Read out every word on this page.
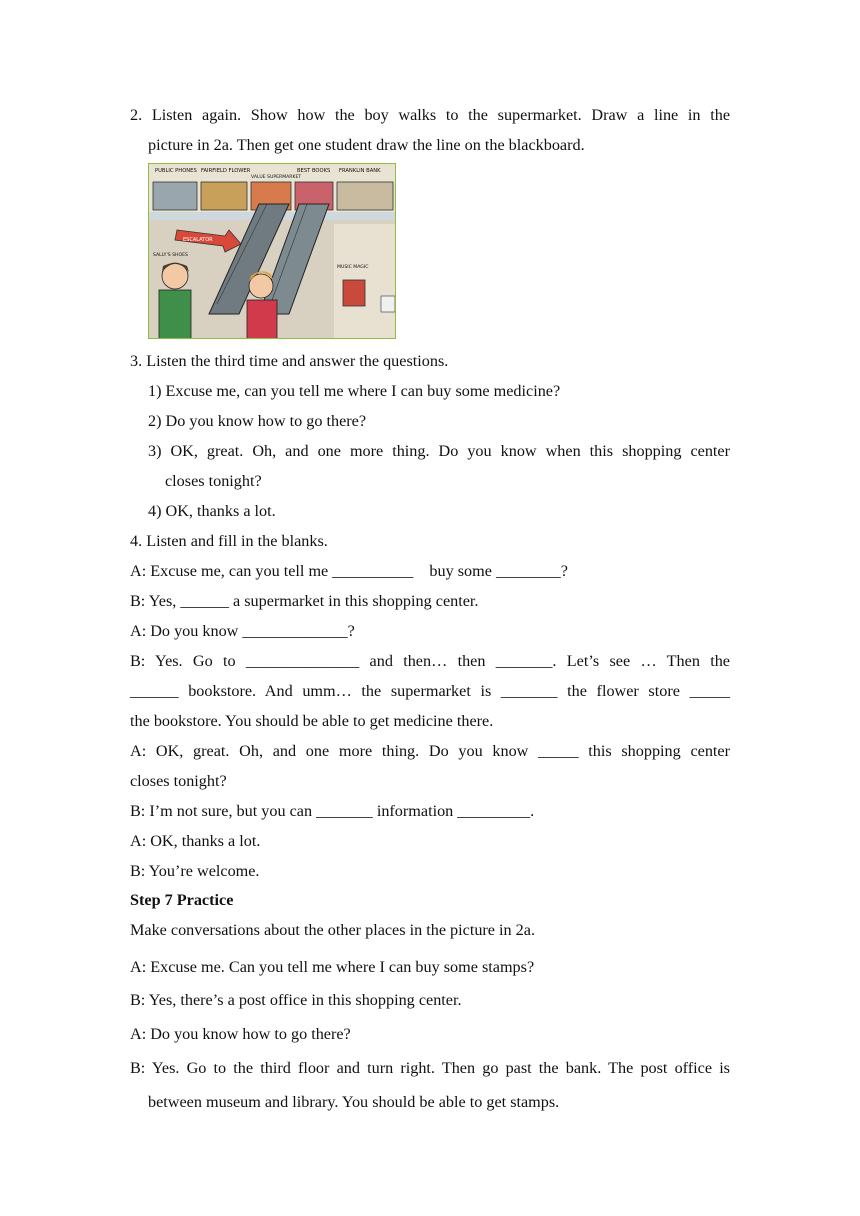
2. Listen again. Show how the boy walks to the supermarket. Draw a line in the
picture in 2a. Then get one student draw the line on the blackboard.
PUBLIC PHONES FAIRFIELD FLOWER
VALUE SUPERMARKET
BEST BOOKS FRANKLIN BANK
ESCALATOR
SALLY'S SHOES
MUSIC MAGIC
3. Listen the third time and answer the questions.
1) Excuse me, can you tell me where I can buy some medicine?
2) Do you know how to go there?
3) OK, great. Oh, and one more thing. Do you know when this shopping center
closes tonight?
4) OK, thanks a lot.
4. Listen and fill in the blanks.
A: Excuse me, can you tell me __________    buy some ________?
B: Yes, ______ a supermarket in this shopping center.
A: Do you know _____________?
B: Yes. Go to ______________ and then… then _______. Let’s see … Then the
______ bookstore. And umm… the supermarket is _______ the flower store _____
the bookstore. You should be able to get medicine there.
A: OK, great. Oh, and one more thing. Do you know _____ this shopping center
closes tonight?
B: I’m not sure, but you can _______ information _________.
A: OK, thanks a lot.
B: You’re welcome.
Step 7 Practice
Make conversations about the other places in the picture in 2a.
A: Excuse me. Can you tell me where I can buy some stamps?
B: Yes, there’s a post office in this shopping center.
A: Do you know how to go there?
B: Yes. Go to the third floor and turn right. Then go past the bank. The post office is
between museum and library. You should be able to get stamps.
